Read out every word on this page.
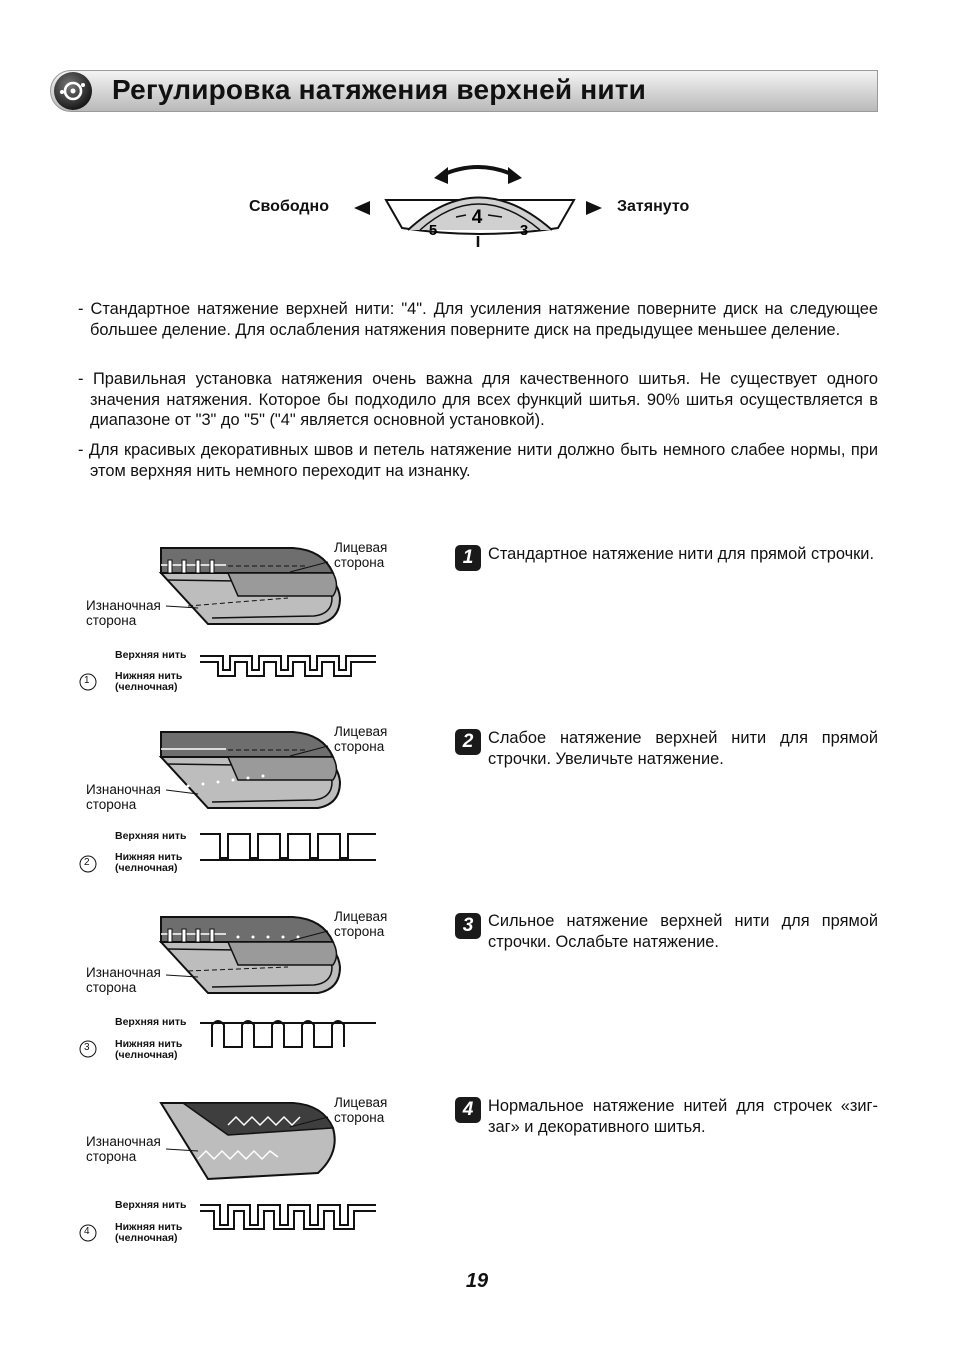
Регулировка натяжения верхней нити
Свободно	Затянуто
4
5	3
- Стандартное натяжение верхней нити: "4". Для усиления натяжение поверните диск на следующее большее деление. Для ослабления натяжения поверните диск на предыдущее меньшее деление.
- Правильная установка натяжения очень важна для качественного шитья. Не существует одного значения натяжения. Которое бы подходило для всех функций шитья. 90% шитья осуществляется в диапазоне от "3" до "5" ("4" является основной установкой).
- Для красивых декоративных швов и петель натяжение нити должно быть немного слабее нормы, при этом верхняя нить немного переходит на изнанку.
Лицевая
сторона
Изнаночная
сторона
Верхняя нить
Нижняя нить
(челночная)
1
Лицевая
сторона
Изнаночная
сторона
Верхняя нить
Нижняя нить
(челночная)
2
Лицевая
сторона
Изнаночная
сторона
Верхняя нить
Нижняя нить
(челночная)
3
Лицевая
сторона
Изнаночная
сторона
Верхняя нить
Нижняя нить
(челночная)
4
1 Стандартное натяжение нити для прямой строчки.
2 Слабое натяжение верхней нити для прямой строчки. Увеличьте натяжение.
3 Сильное натяжение верхней нити для прямой строчки. Ослабьте натяжение.
4 Нормальное натяжение нитей для строчек «зиг- заг» и декоративного шитья.
19
